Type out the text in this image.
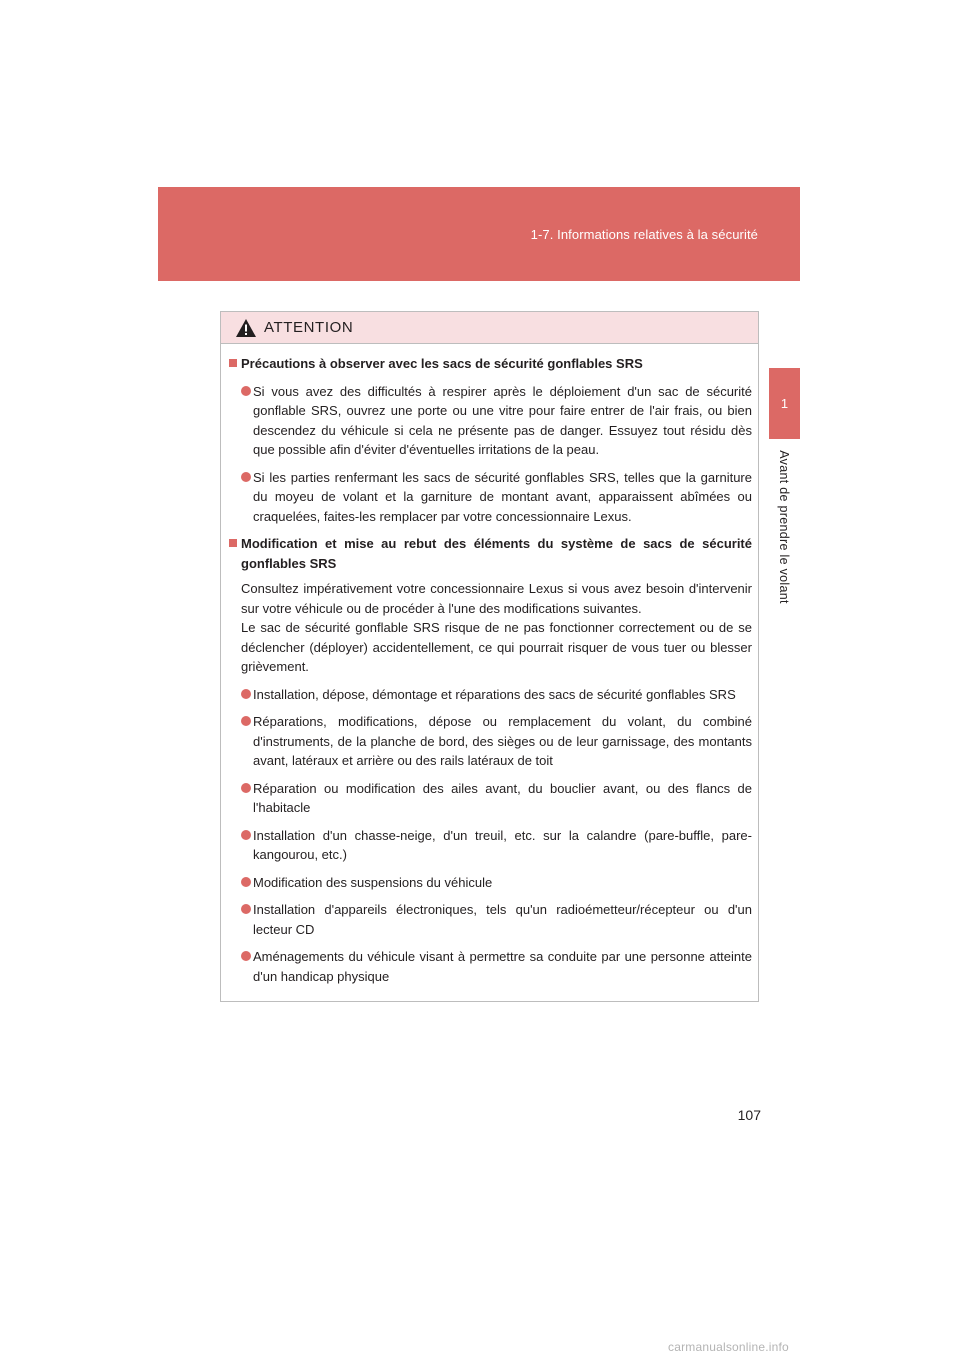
1-7. Informations relatives à la sécurité
1
Avant de prendre le volant
ATTENTION
Précautions à observer avec les sacs de sécurité gonflables SRS
Si vous avez des difficultés à respirer après le déploiement d'un sac de sécurité gonflable SRS, ouvrez une porte ou une vitre pour faire entrer de l'air frais, ou bien descendez du véhicule si cela ne présente pas de danger. Essuyez tout résidu dès que possible afin d'éviter d'éventuelles irritations de la peau.
Si les parties renfermant les sacs de sécurité gonflables SRS, telles que la garniture du moyeu de volant et la garniture de montant avant, apparaissent abîmées ou craquelées, faites-les remplacer par votre concessionnaire Lexus.
Modification et mise au rebut des éléments du système de sacs de sécurité gonflables SRS
Consultez impérativement votre concessionnaire Lexus si vous avez besoin d'intervenir sur votre véhicule ou de procéder à l'une des modifications suivantes.
Le sac de sécurité gonflable SRS risque de ne pas fonctionner correctement ou de se déclencher (déployer) accidentellement, ce qui pourrait risquer de vous tuer ou blesser grièvement.
Installation, dépose, démontage et réparations des sacs de sécurité gonflables SRS
Réparations, modifications, dépose ou remplacement du volant, du combiné d'instruments, de la planche de bord, des sièges ou de leur garnissage, des montants avant, latéraux et arrière ou des rails latéraux de toit
Réparation ou modification des ailes avant, du bouclier avant, ou des flancs de l'habitacle
Installation d'un chasse-neige, d'un treuil, etc. sur la calandre (pare-buffle, pare-kangourou, etc.)
Modification des suspensions du véhicule
Installation d'appareils électroniques, tels qu'un radioémetteur/récepteur ou d'un lecteur CD
Aménagements du véhicule visant à permettre sa conduite par une personne atteinte d'un handicap physique
107
carmanualsonline.info
